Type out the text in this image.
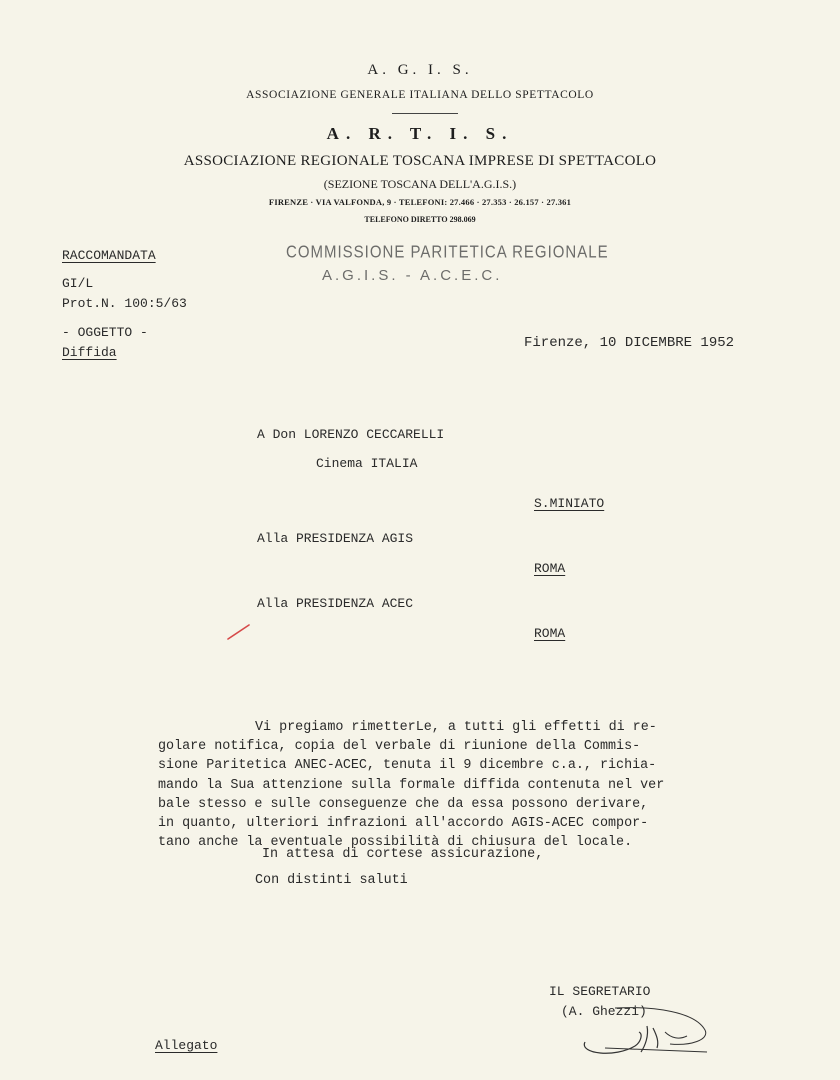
A. G. I. S.
ASSOCIAZIONE GENERALE ITALIANA DELLO SPETTACOLO
A. R. T. I. S.
ASSOCIAZIONE REGIONALE TOSCANA IMPRESE DI SPETTACOLO
(SEZIONE TOSCANA DELL'A.G.I.S.)
FIRENZE · VIA VALFONDA, 9 · TELEFONI: 27.466 · 27.353 · 26.157 · 27.361
TELEFONO DIRETTO 298.069
COMMISSIONE PARITETICA REGIONALE
A.G.I.S. - A.C.E.C.
RACCOMANDATA
GI/L
Prot.N. 100:5/63
- OGGETTO -
Diffida
Firenze, 10 DICEMBRE 1952
A Don LORENZO CECCARELLI
Cinema ITALIA
S.MINIATO
Alla PRESIDENZA AGIS
ROMA
Alla PRESIDENZA ACEC
ROMA
Vi pregiamo rimetterLe, a tutti gli effetti di re-
golare notifica, copia del verbale di riunione della Commis-
sione Paritetica ANEC-ACEC, tenuta il 9 dicembre c.a., richia-
mando la Sua attenzione sulla formale diffida contenuta nel ver
bale stesso e sulle conseguenze che da essa possono derivare,
in quanto, ulteriori infrazioni all'accordo AGIS-ACEC compor-
tano anche la eventuale possibilità di chiusura del locale.
In attesa di cortese assicurazione,
Con distinti saluti
IL SEGRETARIO
(A. Ghezzi)
Allegato
